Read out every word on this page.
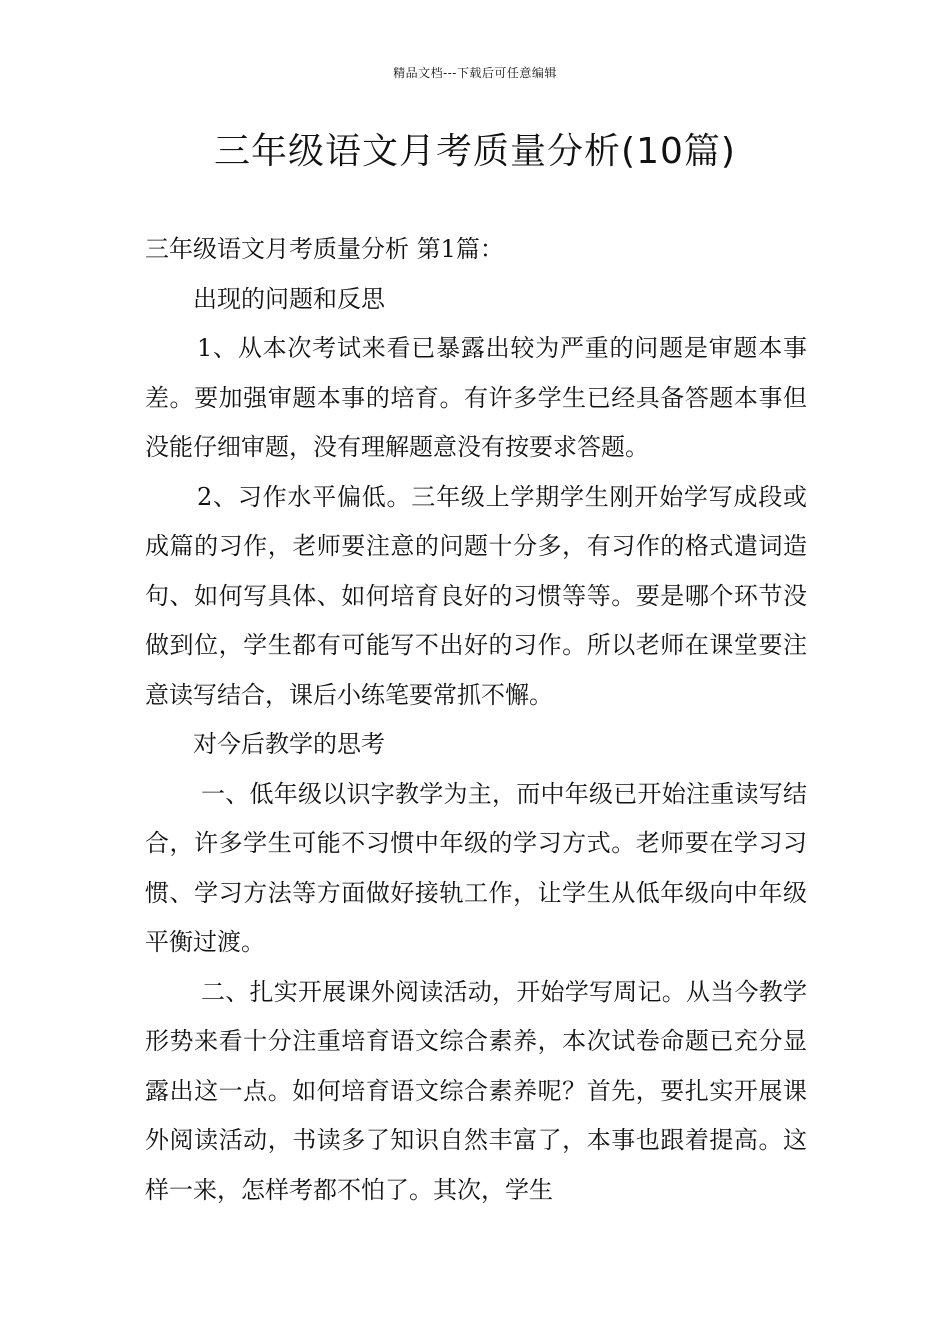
精品文档---下载后可任意编辑
三年级语文月考质量分析(10篇)

三年级语文月考质量分析 第1篇：

出现的问题和反思

1、从本次考试来看已暴露出较为严重的问题是审题本事差。要加强审题本事的培育。有许多学生已经具备答题本事但没能仔细审题，没有理解题意没有按要求答题。

2、习作水平偏低。三年级上学期学生刚开始学写成段或成篇的习作，老师要注意的问题十分多，有习作的格式遣词造句、如何写具体、如何培育良好的习惯等等。要是哪个环节没做到位，学生都有可能写不出好的习作。所以老师在课堂要注意读写结合，课后小练笔要常抓不懈。

对今后教学的思考

一、低年级以识字教学为主，而中年级已开始注重读写结合，许多学生可能不习惯中年级的学习方式。老师要在学习习惯、学习方法等方面做好接轨工作，让学生从低年级向中年级平衡过渡。

二、扎实开展课外阅读活动，开始学写周记。从当今教学形势来看十分注重培育语文综合素养，本次试卷命题已充分显露出这一点。如何培育语文综合素养呢？首先，要扎实开展课外阅读活动，书读多了知识自然丰富了，本事也跟着提高。这样一来，怎样考都不怕了。其次，学生
